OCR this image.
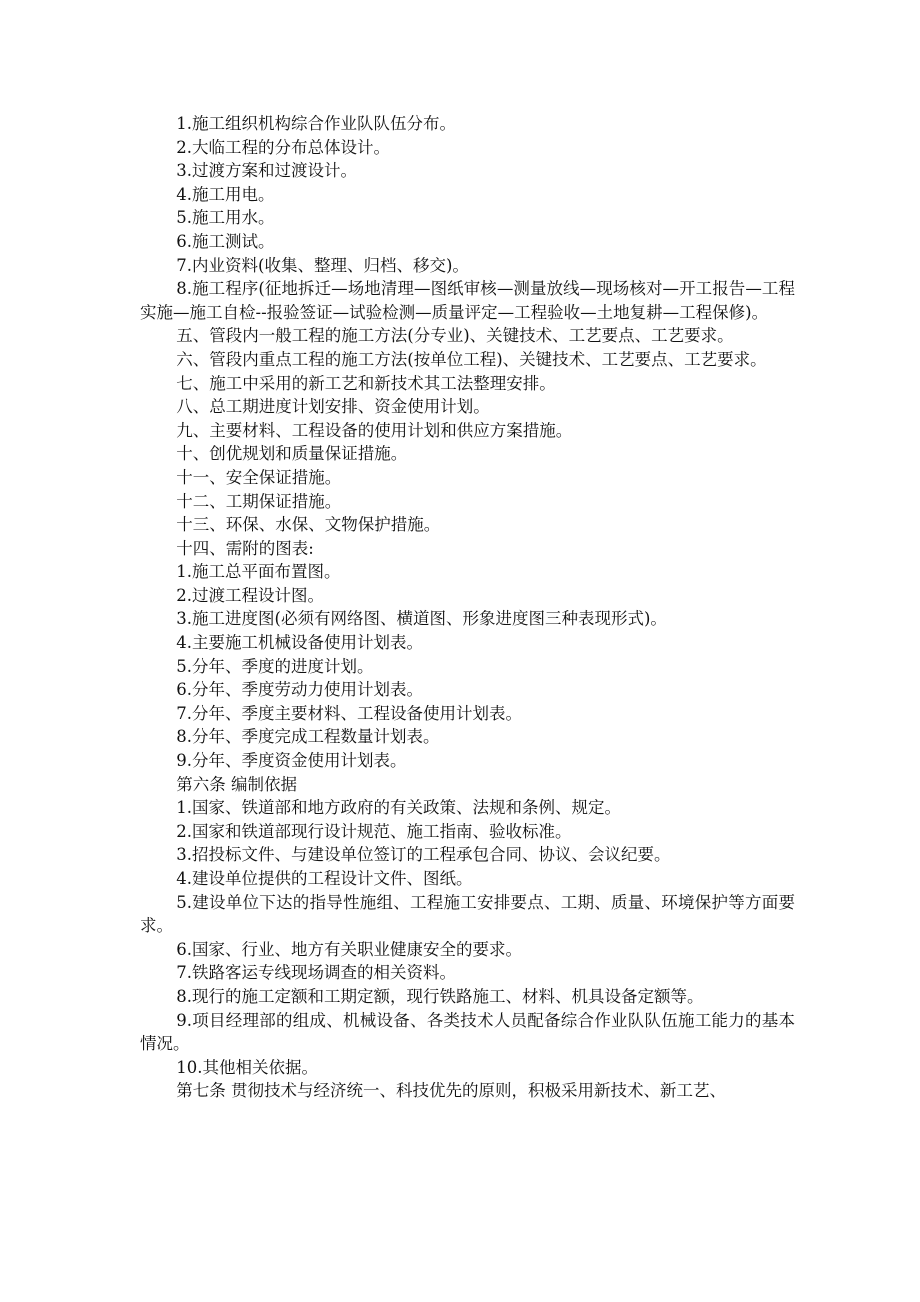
1.施工组织机构综合作业队队伍分布。

2.大临工程的分布总体设计。

3.过渡方案和过渡设计。

4.施工用电。

5.施工用水。

6.施工测试。

7.内业资料(收集、整理、归档、移交)。

8.施工程序(征地拆迁—场地清理—图纸审核—测量放线—现场核对—开工报告—工程实施—施工自检--报验签证—试验检测—质量评定—工程验收—土地复耕—工程保修)。

五、管段内一般工程的施工方法(分专业)、关键技术、工艺要点、工艺要求。

六、管段内重点工程的施工方法(按单位工程)、关键技术、工艺要点、工艺要求。

七、施工中采用的新工艺和新技术其工法整理安排。

八、总工期进度计划安排、资金使用计划。

九、主要材料、工程设备的使用计划和供应方案措施。

十、创优规划和质量保证措施。

十一、安全保证措施。

十二、工期保证措施。

十三、环保、水保、文物保护措施。

十四、需附的图表:

1.施工总平面布置图。

2.过渡工程设计图。

3.施工进度图(必须有网络图、横道图、形象进度图三种表现形式)。

4.主要施工机械设备使用计划表。

5.分年、季度的进度计划。

6.分年、季度劳动力使用计划表。

7.分年、季度主要材料、工程设备使用计划表。

8.分年、季度完成工程数量计划表。

9.分年、季度资金使用计划表。

第六条 编制依据

1.国家、铁道部和地方政府的有关政策、法规和条例、规定。

2.国家和铁道部现行设计规范、施工指南、验收标准。

3.招投标文件、与建设单位签订的工程承包合同、协议、会议纪要。

4.建设单位提供的工程设计文件、图纸。

5.建设单位下达的指导性施组、工程施工安排要点、工期、质量、环境保护等方面要求。

6.国家、行业、地方有关职业健康安全的要求。

7.铁路客运专线现场调查的相关资料。

8.现行的施工定额和工期定额，现行铁路施工、材料、机具设备定额等。

9.项目经理部的组成、机械设备、各类技术人员配备综合作业队队伍施工能力的基本情况。

10.其他相关依据。

第七条 贯彻技术与经济统一、科技优先的原则，积极采用新技术、新工艺、
